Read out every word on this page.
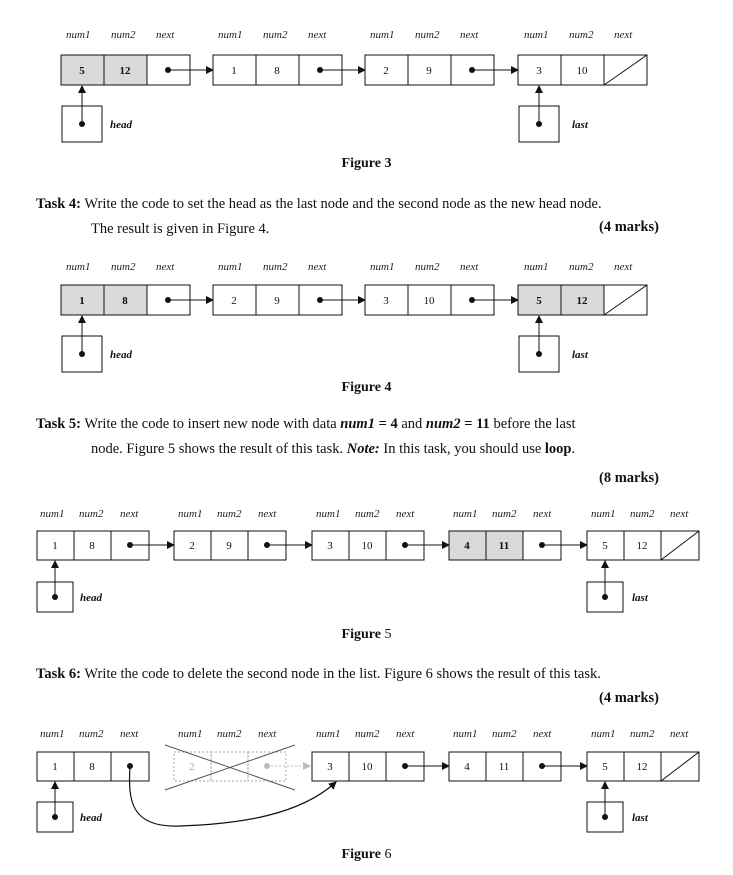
num1 num2 next	num1 num2 next	num1 num2 next	num1 num2 next
5	12	1	8	2	9	3	10
head	last
Figure 3
Task 4: Write the code to set the head as the last node and the second node as the new head node.
The result is given in Figure 4.	(4 marks)
num1 num2 next	num1 num2 next	num1 num2 next	num1 num2 next
1	8	2	9	3	10	5	12
head	last
Figure 4
Task 5: Write the code to insert new node with data num1 = 4 and num2 = 11 before the last
node. Figure 5 shows the result of this task. Note: In this task, you should use loop.
(8 marks)
num1 num2 next	num1 num2 next	num1 num2 next	num1 num2 next	num1 num2 next
1	8	2	9	3	10	4	11	5	12
head	last
Figure 5
Task 6: Write the code to delete the second node in the list. Figure 6 shows the result of this task.
(4 marks)
num1 num2 next	num1 num2 next	num1 num2 next	num1 num2 next	num1 num2 next
1	8	2	3	10	4	11	5	12
head	last
Figure 6
